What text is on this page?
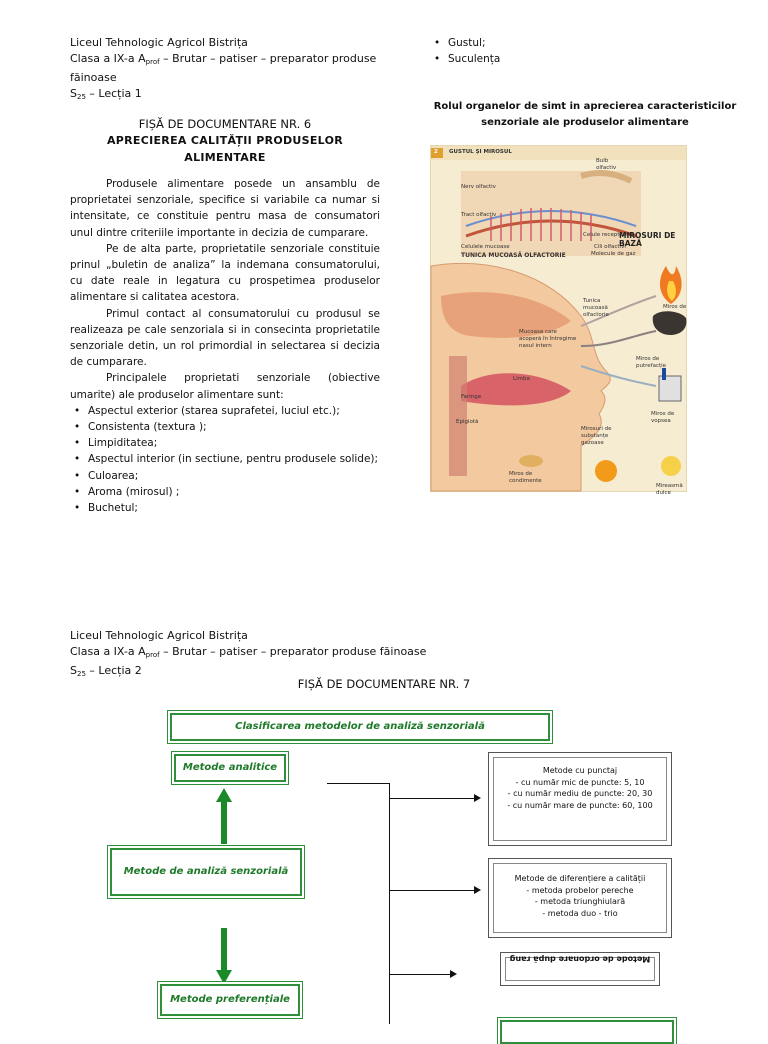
Liceul Tehnologic Agricol Bistrița
Clasa a IX-a $A_{prof}$ – Brutar – patiser – preparator produse
făinoase
$S_{25}$ – Lecția 1
FIȘĂ DE DOCUMENTARE NR. 6
APRECIEREA CALITĂȚII PRODUSELOR
ALIMENTARE

Produsele alimentare posede un ansamblu de proprietatei senzoriale, specifice si variabile ca numar si intensitate, ce constituie pentru masa de consumatori unul dintre criteriile importante in decizia de cumparare.

Pe de alta parte, proprietatile senzoriale constituie prinul „buletin de analiza” la indemana consumatorului, cu date reale in legatura cu prospetimea produselor alimentare si calitatea acestora.

Primul contact al consumatorului cu produsul se realizeaza pe cale senzoriala si in consecinta proprietatile senzoriale detin, un rol primordial in selectarea si decizia de cumparare.

Principalele proprietati senzoriale (obiective umarite) ale produselor alimentare sunt:

• Aspectul exterior (starea suprafetei, luciul etc.);
• Consistenta (textura );
• Limpiditatea;
• Aspectul interior (in sectiune, pentru produsele solide);
• Culoarea;
• Aroma (mirosul) ;
• Buchetul;
• Gustul;
• Suculența
Rolul organelor de simt in aprecierea caracteristicilor senzoriale ale produselor alimentare
2 GUSTUL ȘI MIROSUL
Nerv olfactiv
Bulb olfactiv
Tract olfactiv
Celule receptoare
Celulele mucoase	Cili olfactivi
Molecule de gaz
TUNICA MUCOASĂ OLFACTORIE
MIROSURI DE
BAZĂ
Tunica mucoasă olfactorie
Mucoasa care acoperă în întregime nasul intern
Miros de ars
Miros de putrefacție
Limba
Faringe
Epiglotă
Miros de vopsea
Mirosuri de substanțe gazoase
Miros de condimente
Mireasmă dulce
Liceul Tehnologic Agricol Bistrița
Clasa a IX-a $A_{prof}$ – Brutar – patiser – preparator produse făinoase
$S_{25}$ – Lecția 2
FIȘĂ DE DOCUMENTARE NR. 7
Clasificarea metodelor de analiză senzorială
Metode analitice
Metode de analiză senzorială
Metode preferențiale
Metode cu punctaj
- cu număr mic de puncte: 5, 10
- cu număr mediu de puncte: 20, 30
- cu număr mare de puncte: 60, 100
Metode de diferențiere a calității
- metoda probelor pereche
- metoda triunghiulară
- metoda duo - trio
Metode de ordonare după rang
